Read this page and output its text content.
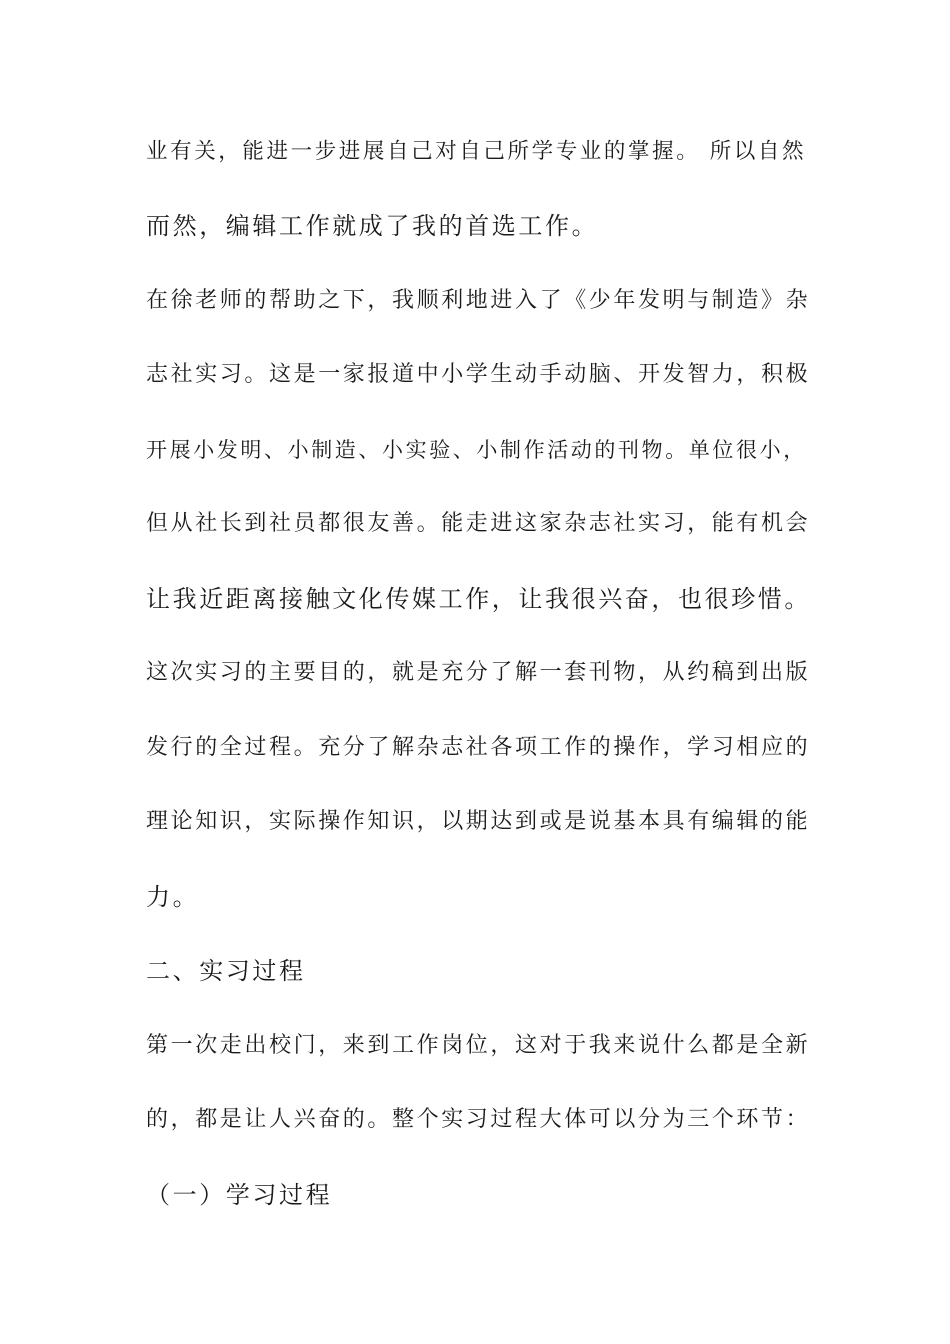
业有关，能进一步进展自己对自己所学专业的掌握。 所以自然
而然，编辑工作就成了我的首选工作。
在徐老师的帮助之下，我顺利地进入了《少年发明与制造》杂
志社实习。这是一家报道中小学生动手动脑、开发智力，积极
开展小发明、小制造、小实验、小制作活动的刊物。单位很小，
但从社长到社员都很友善。能走进这家杂志社实习，能有机会
让我近距离接触文化传媒工作，让我很兴奋，也很珍惜。
这次实习的主要目的，就是充分了解一套刊物，从约稿到出版
发行的全过程。充分了解杂志社各项工作的操作，学习相应的
理论知识，实际操作知识，以期达到或是说基本具有编辑的能
力。
二、实习过程
第一次走出校门，来到工作岗位，这对于我来说什么都是全新
的，都是让人兴奋的。整个实习过程大体可以分为三个环节：
（一）学习过程
